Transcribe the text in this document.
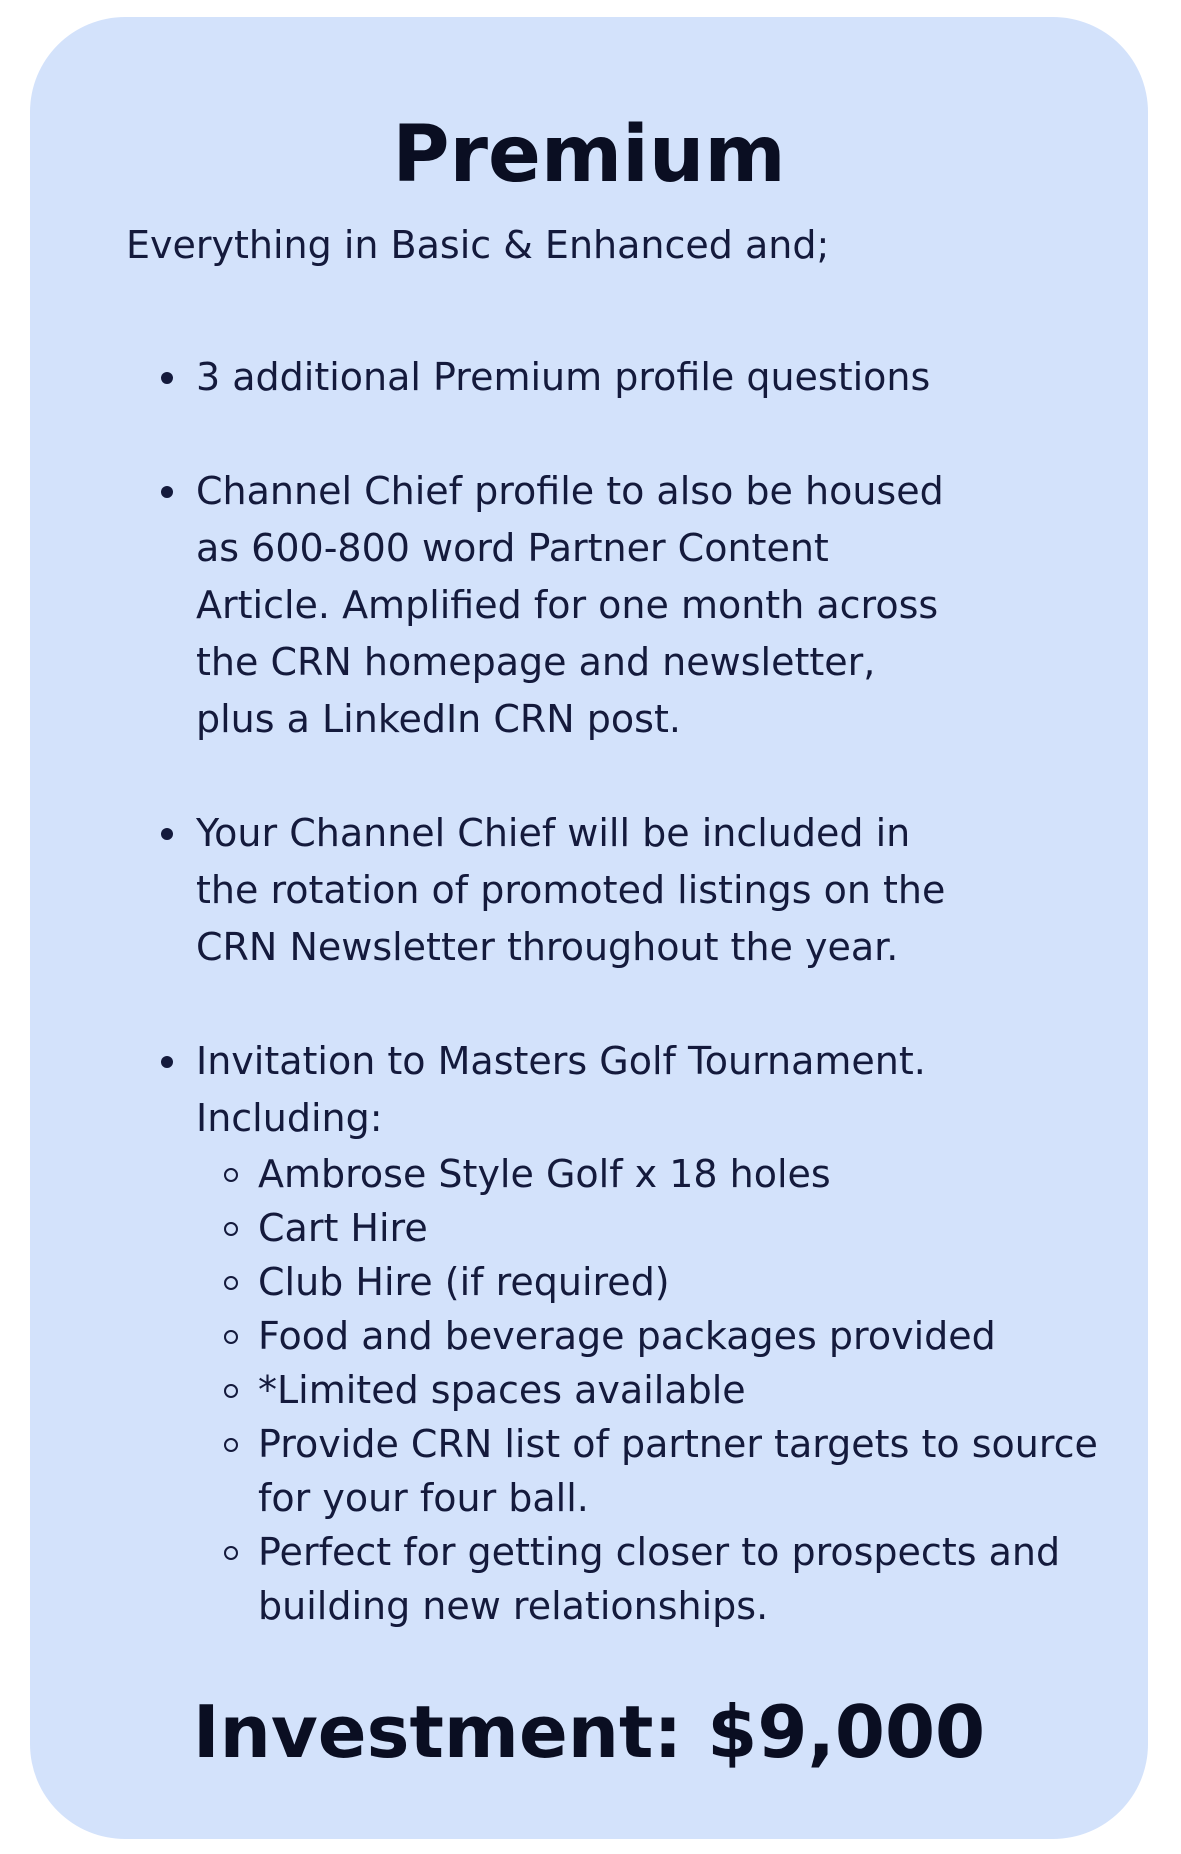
Premium

Everything in Basic & Enhanced and;

3 additional Premium profile questions
Channel Chief profile to also be housed as 600-800 word Partner Content Article. Amplified for one month across the CRN homepage and newsletter, plus a LinkedIn CRN post.
Your Channel Chief will be included in the rotation of promoted listings on the CRN Newsletter throughout the year.
Invitation to Masters Golf Tournament. Including:
Ambrose Style Golf x 18 holes
Cart Hire
Club Hire (if required)
Food and beverage packages provided
*Limited spaces available
Provide CRN list of partner targets to source for your four ball.
Perfect for getting closer to prospects and building new relationships.
Investment: $9,000
